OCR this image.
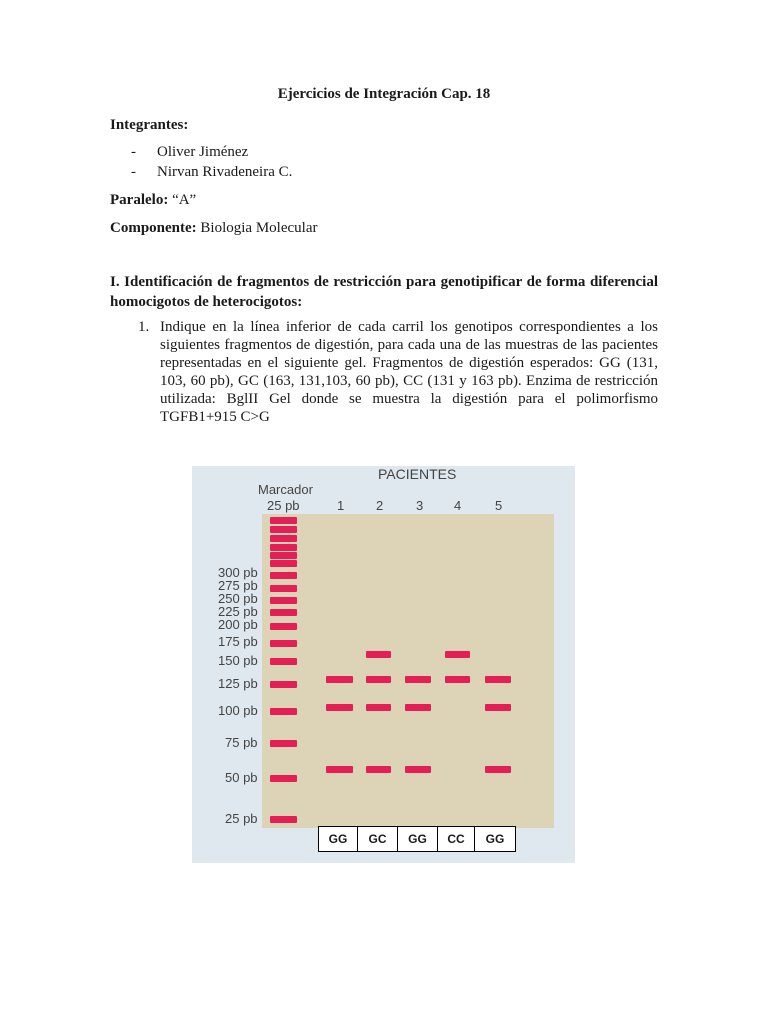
Ejercicios de Integración Cap. 18
Integrantes:
- Oliver Jiménez
- Nirvan Rivadeneira C.
Paralelo: “A”
Componente: Biologia Molecular
I. Identificación de fragmentos de restricción para genotipificar de forma diferencial homocigotos de heterocigotos:
1. Indique en la línea inferior de cada carril los genotipos correspondientes a los siguientes fragmentos de digestión, para cada una de las muestras de las pacientes representadas en el siguiente gel. Fragmentos de digestión esperados: GG (131, 103, 60 pb), GC (163, 131,103, 60 pb), CC (131 y 163 pb). Enzima de restricción utilizada: BglII Gel donde se muestra la digestión para el polimorfismo TGFB1+915 C>G
PACIENTES
Marcador
25 pb	1 2	3 4	5
300 pb
275 pb
250 pb
225 pb
200 pb
175 pb
150 pb
125 pb
100 pb
75 pb
50 pb
25 pb
GG	GC	GG	CC	GG
